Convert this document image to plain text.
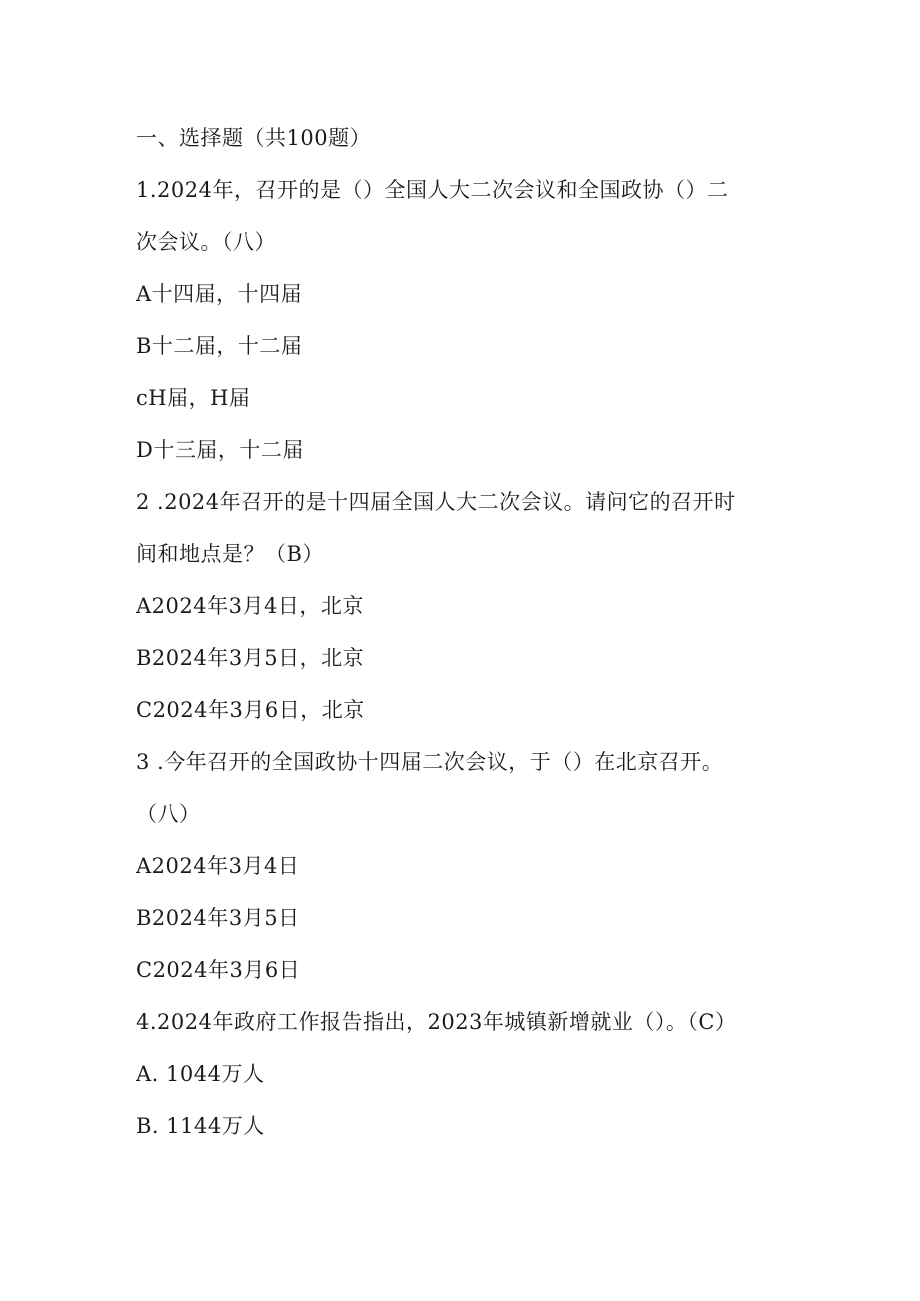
一、选择题（共100题）
1.2024年，召开的是（）全国人大二次会议和全国政协（）二
次会议。（八）
A十四届，十四届
B十二届，十二届
cH届，H届
D十三届，十二届
2 .2024年召开的是十四届全国人大二次会议。请问它的召开时
间和地点是？（B）
A2024年3月4日，北京
B2024年3月5日，北京
C2024年3月6日，北京
3 .今年召开的全国政协十四届二次会议，于（）在北京召开。
（八）
A2024年3月4日
B2024年3月5日
C2024年3月6日
4.2024年政府工作报告指出，2023年城镇新增就业（）。（C）
A. 1044万人
B. 1144万人
